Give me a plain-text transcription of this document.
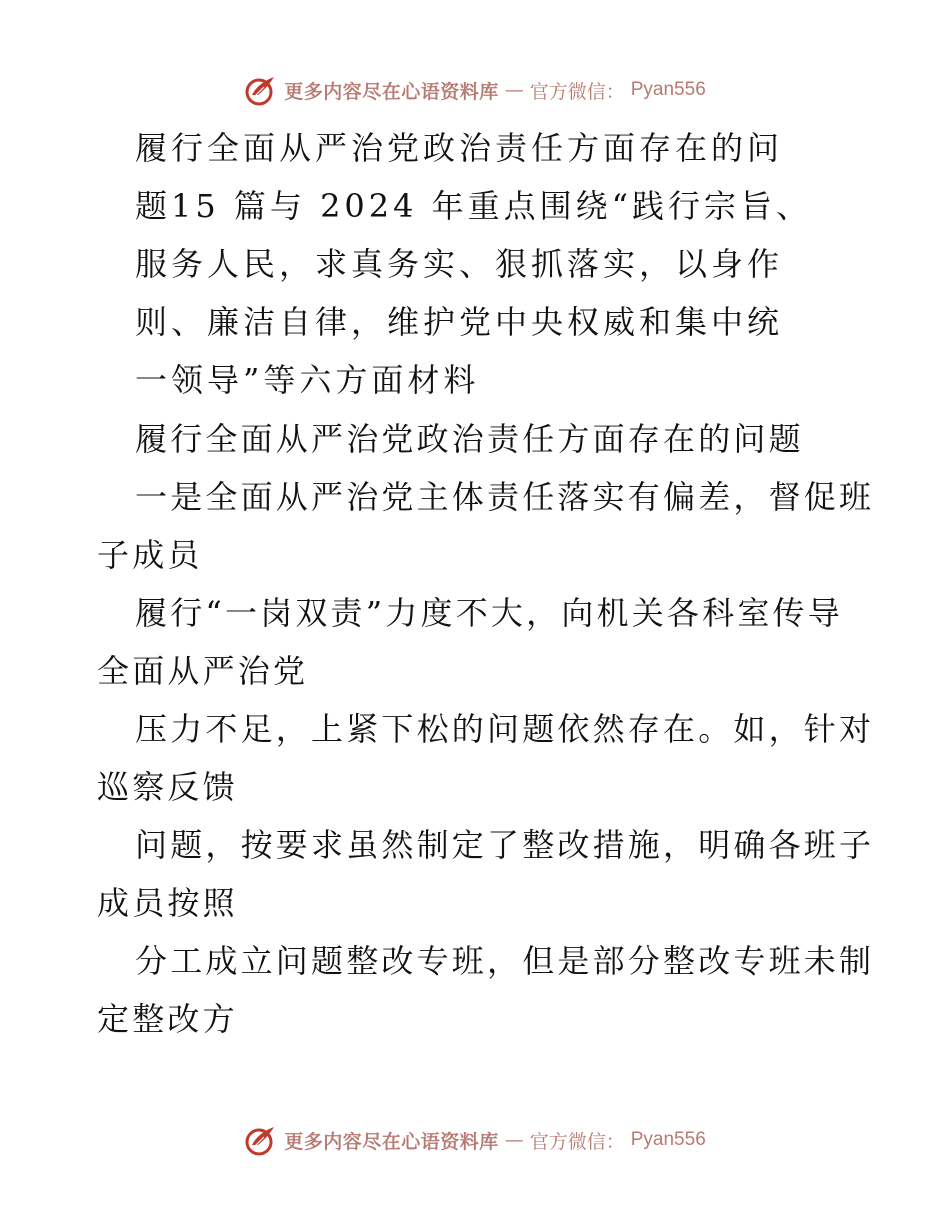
更多内容尽在心语资料库 — 官方微信： Pyan556
履行全面从严治党政治责任方面存在的问
题15 篇与 2024 年重点围绕“践行宗旨、
服务人民，求真务实、狠抓落实，以身作
则、廉洁自律，维护党中央权威和集中统
一领导”等六方面材料
履行全面从严治党政治责任方面存在的问题
一是全面从严治党主体责任落实有偏差，督促班
子成员
履行“一岗双责”力度不大，向机关各科室传导
全面从严治党
压力不足，上紧下松的问题依然存在。如，针对
巡察反馈
问题，按要求虽然制定了整改措施，明确各班子
成员按照
分工成立问题整改专班，但是部分整改专班未制
定整改方
更多内容尽在心语资料库 — 官方微信： Pyan556
